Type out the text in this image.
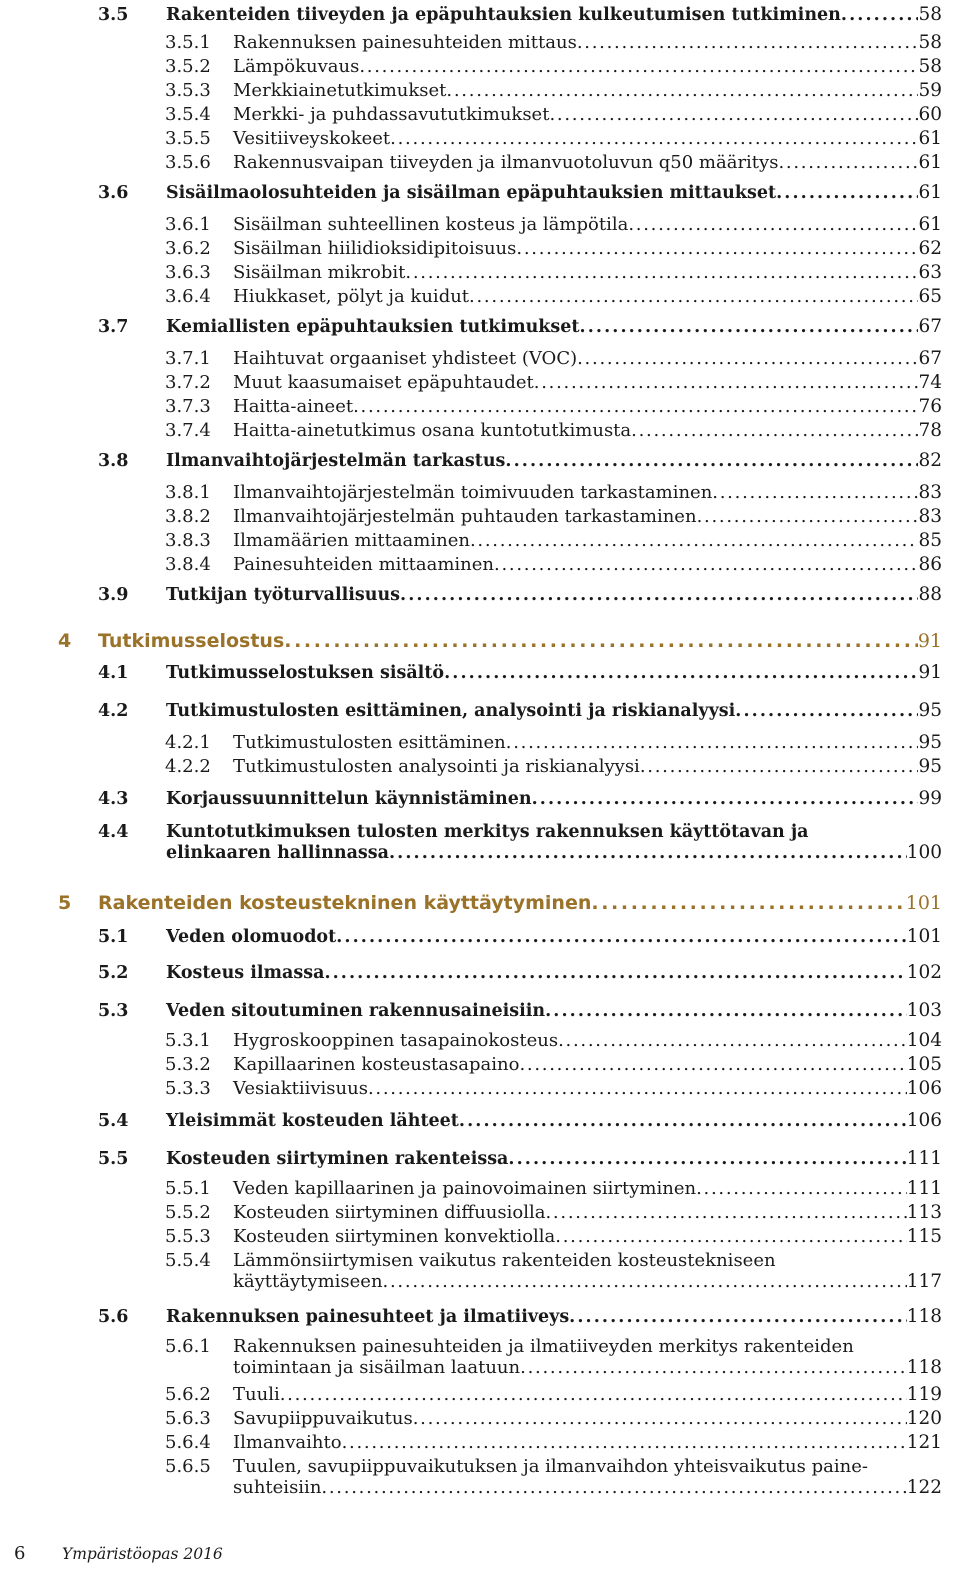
3.5	Rakenteiden tiiveyden ja epäpuhtauksien kulkeutumisen tutkiminen . . .	58
3.5.1	Rakennuksen painesuhteiden mittaus . . .	58
3.5.2	Lämpökuvaus . . .	58
3.5.3	Merkkiainetutkimukset . . .	59
3.5.4	Merkki- ja puhdassavututkimukset . . .	60
3.5.5	Vesitiiveyskokeet . . .	61
3.5.6	Rakennusvaipan tiiveyden ja ilmanvuotoluvun q50 määritys . . .	61
3.6	Sisäilmaolosuhteiden ja sisäilman epäpuhtauksien mittaukset . . .	61
3.6.1	Sisäilman suhteellinen kosteus ja lämpötila . . .	61
3.6.2	Sisäilman hiilidioksidipitoisuus . . .	62
3.6.3	Sisäilman mikrobit . . .	63
3.6.4	Hiukkaset, pölyt ja kuidut . . .	65
3.7	Kemiallisten epäpuhtauksien tutkimukset . . .	67
3.7.1	Haihtuvat orgaaniset yhdisteet (VOC) . . .	67
3.7.2	Muut kaasumaiset epäpuhtaudet . . .	74
3.7.3	Haitta-aineet . . .	76
3.7.4	Haitta-ainetutkimus osana kuntotutkimusta . . .	78
3.8	Ilmanvaihtojärjestelmän tarkastus . . .	82
3.8.1	Ilmanvaihtojärjestelmän toimivuuden tarkastaminen . . .	83
3.8.2	Ilmanvaihtojärjestelmän puhtauden tarkastaminen . . .	83
3.8.3	Ilmamäärien mittaaminen . . .	85
3.8.4	Painesuhteiden mittaaminen . . .	86
3.9	Tutkijan työturvallisuus . . .	88
4	Tutkimusselostus . . .	91
4.1	Tutkimusselostuksen sisältö . . .	91
4.2	Tutkimustulosten esittäminen, analysointi ja riskianalyysi . . .	95
4.2.1	Tutkimustulosten esittäminen . . .	95
4.2.2	Tutkimustulosten analysointi ja riskianalyysi . . .	95
4.3	Korjaussuunnittelun käynnistäminen . . .	99
4.4	Kuntotutkimuksen tulosten merkitys rakennuksen käyttötavan ja
elinkaaren hallinnassa . . .	100
5	Rakenteiden kosteustekninen käyttäytyminen . . .	101
5.1	Veden olomuodot . . .	101
5.2	Kosteus ilmassa . . .	102
5.3	Veden sitoutuminen rakennusaineisiin . . .	103
5.3.1	Hygroskooppinen tasapainokosteus . . .	104
5.3.2	Kapillaarinen kosteustasapaino . . .	105
5.3.3	Vesiaktiivisuus . . .	106
5.4	Yleisimmät kosteuden lähteet . . .	106
5.5	Kosteuden siirtyminen rakenteissa . . .	111
5.5.1	Veden kapillaarinen ja painovoimainen siirtyminen . . .	111
5.5.2	Kosteuden siirtyminen diffuusiolla . . .	113
5.5.3	Kosteuden siirtyminen konvektiolla . . .	115
5.5.4	Lämmönsiirtymisen vaikutus rakenteiden kosteustekniseen
käyttäytymiseen . . .	117
5.6	Rakennuksen painesuhteet ja ilmatiiveys . . .	118
5.6.1	Rakennuksen painesuhteiden ja ilmatiiveyden merkitys rakenteiden
toimintaan ja sisäilman laatuun . . .	118
5.6.2	Tuuli . . .	119
5.6.3	Savupiippuvaikutus . . .	120
5.6.4	Ilmanvaihto . . .	121
5.6.5	Tuulen, savupiippuvaikutuksen ja ilmanvaihdon yhteisvaikutus paine-
suhteisiin . . .	122
6 Ympäristöopas 2016
